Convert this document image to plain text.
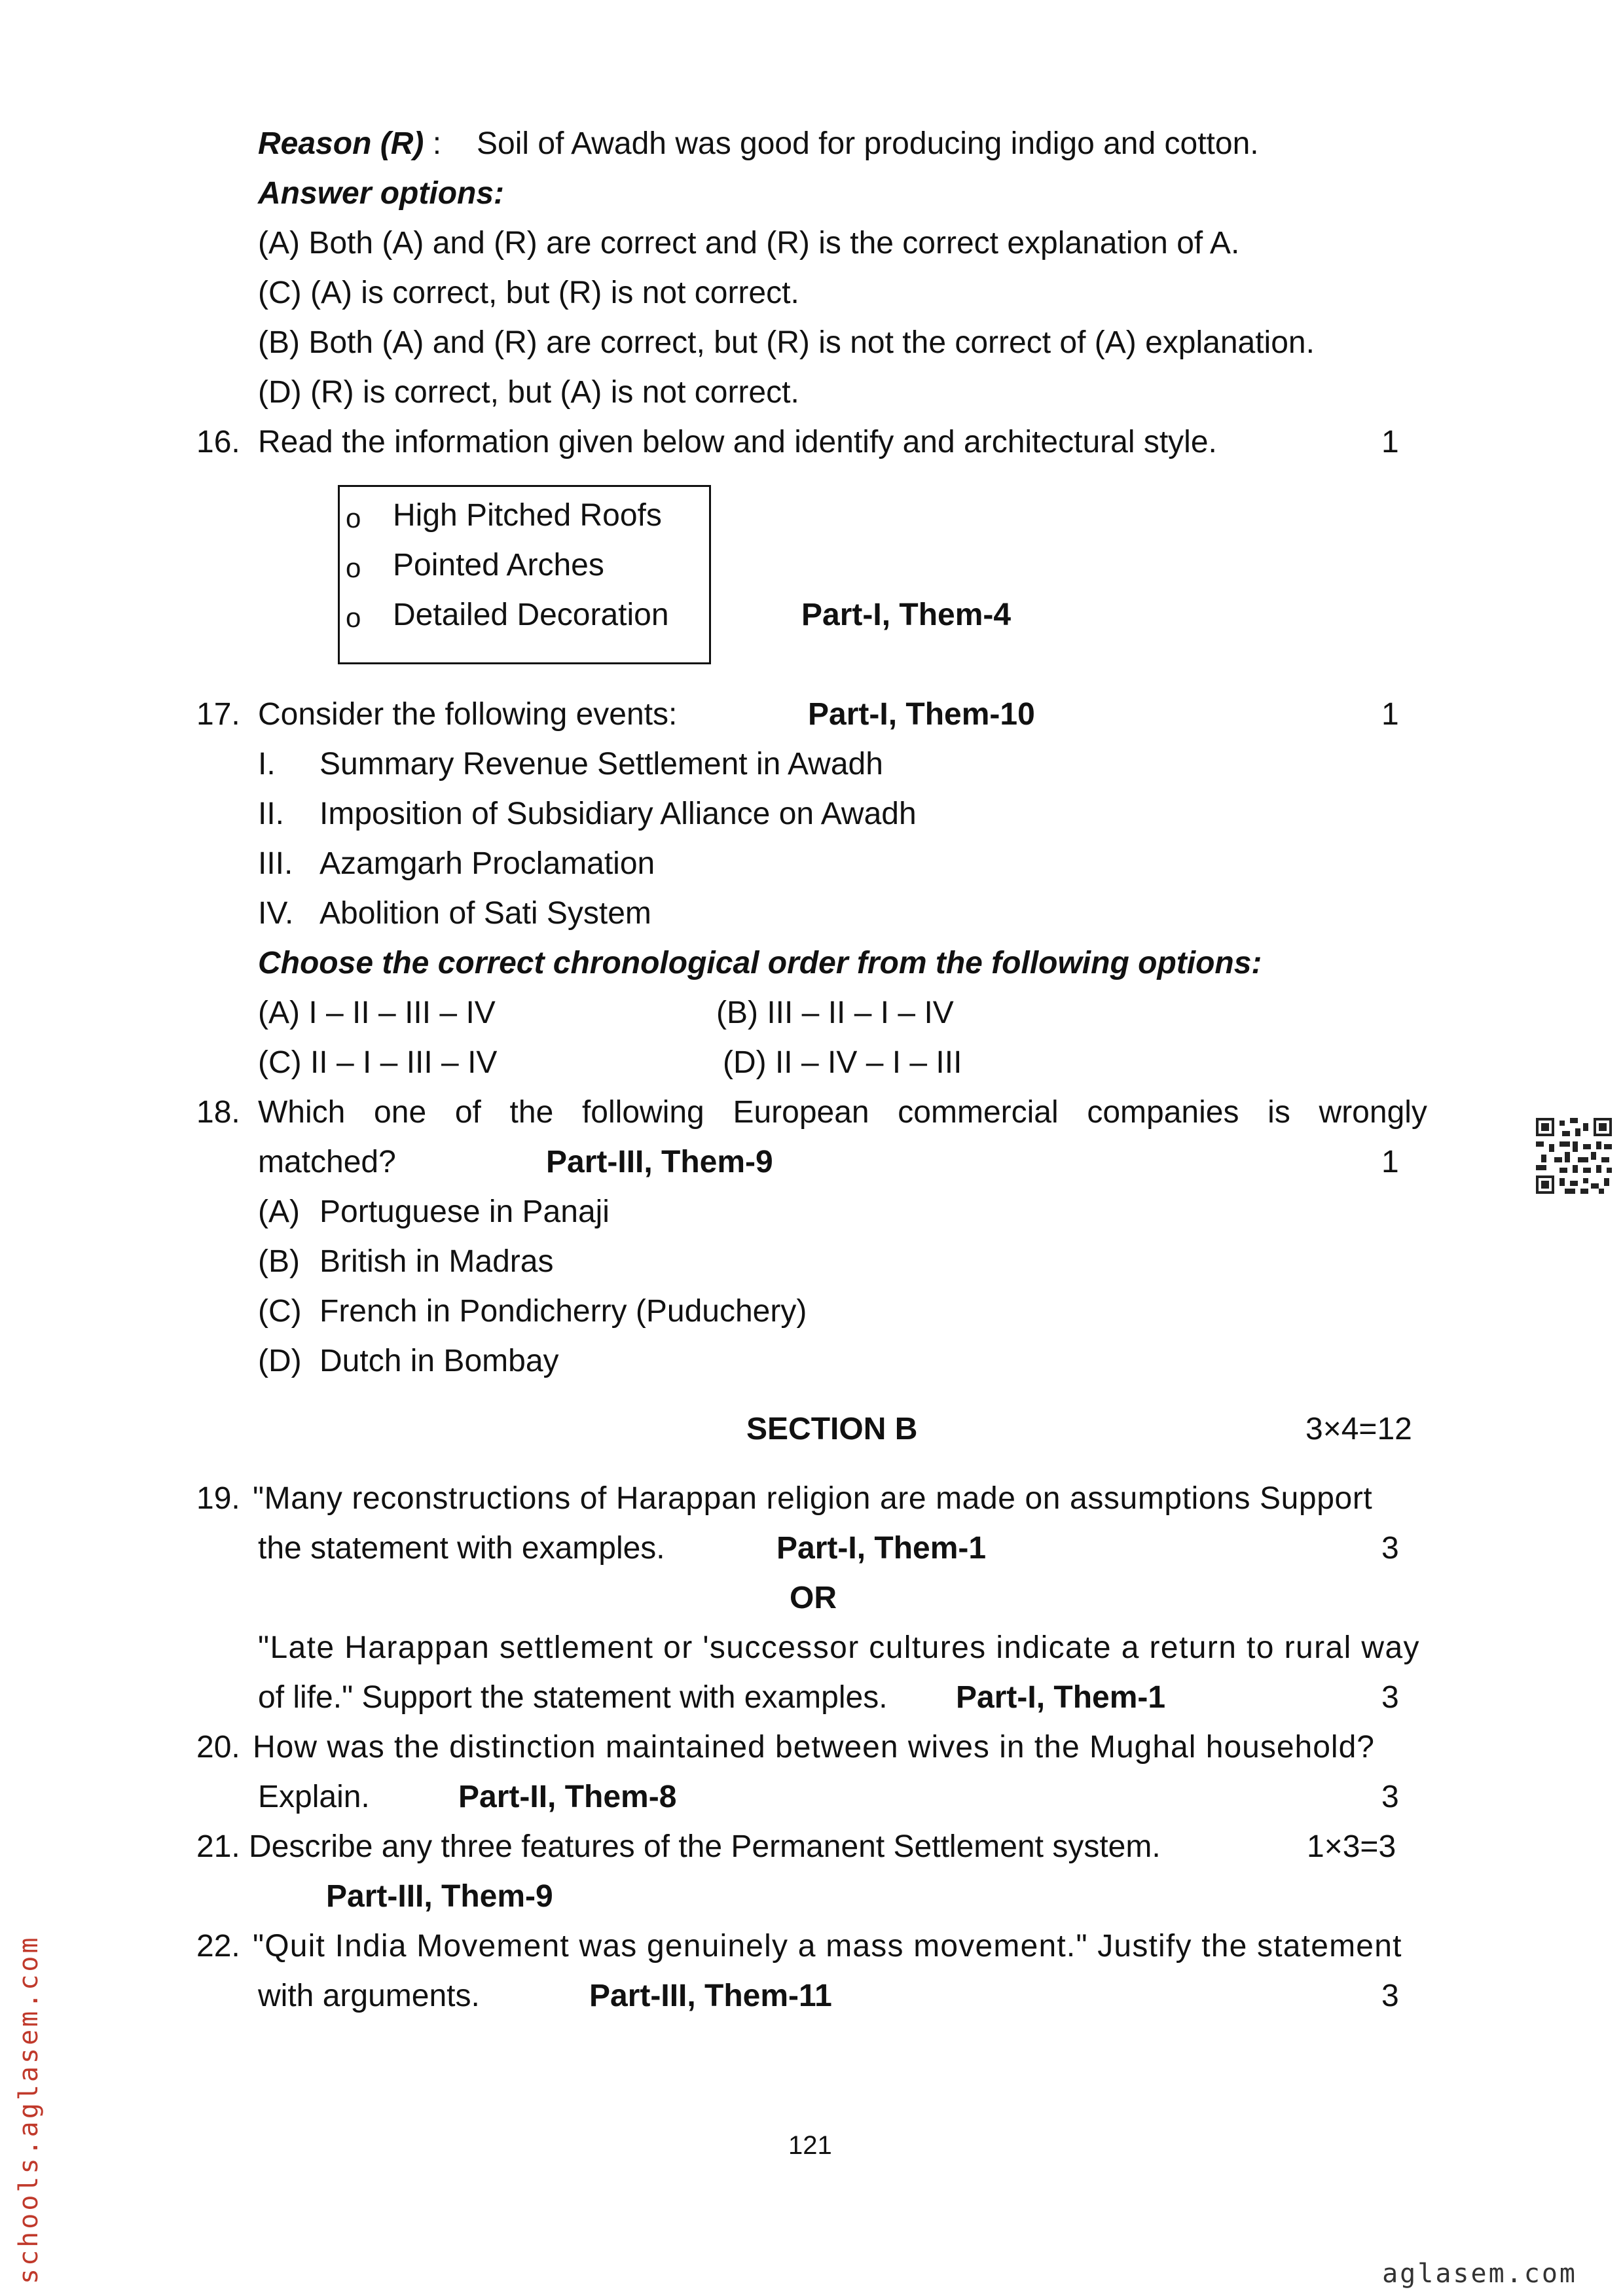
Reason (R) : Soil of Awadh was good for producing indigo and cotton.
Answer options:
(A) Both (A) and (R) are correct and (R) is the correct explanation of A.
(C) (A) is correct, but (R) is not correct.
(B) Both (A) and (R) are correct, but (R) is not the correct of (A) explanation.
(D) (R) is correct, but (A) is not correct.
16. Read the information given below and identify and architectural style.	1
o High Pitched Roofs
o Pointed Arches
o Detailed Decoration	Part-I, Them-4
17. Consider the following events:	Part-I, Them-10	1
I. Summary Revenue Settlement in Awadh
II. Imposition of Subsidiary Alliance on Awadh
III. Azamgarh Proclamation
IV. Abolition of Sati System
Choose the correct chronological order from the following options:
(A) I – II – III – IV	(B) III – II – I – IV
(C) II – I – III – IV	(D) II – IV – I – III
18. Which one of the following European commercial companies is wrongly
matched?	Part-III, Them-9	1
(A) Portuguese in Panaji
(B) British in Madras
(C) French in Pondicherry (Puduchery)
(D) Dutch in Bombay
SECTION B	3×4=12
19. "Many reconstructions of Harappan religion are made on assumptions Support
the statement with examples.	Part-I, Them-1	3
OR
"Late Harappan settlement or 'successor cultures indicate a return to rural way
of life." Support the statement with examples. Part-I, Them-1	3
20. How was the distinction maintained between wives in the Mughal household?
Explain.	Part-II, Them-8	3
21. Describe any three features of the Permanent Settlement system.	1×3=3
Part-III, Them-9
22. "Quit India Movement was genuinely a mass movement." Justify the statement
with arguments.	Part-III, Them-11	3
121
schools.aglasem.com	aglasem.com
